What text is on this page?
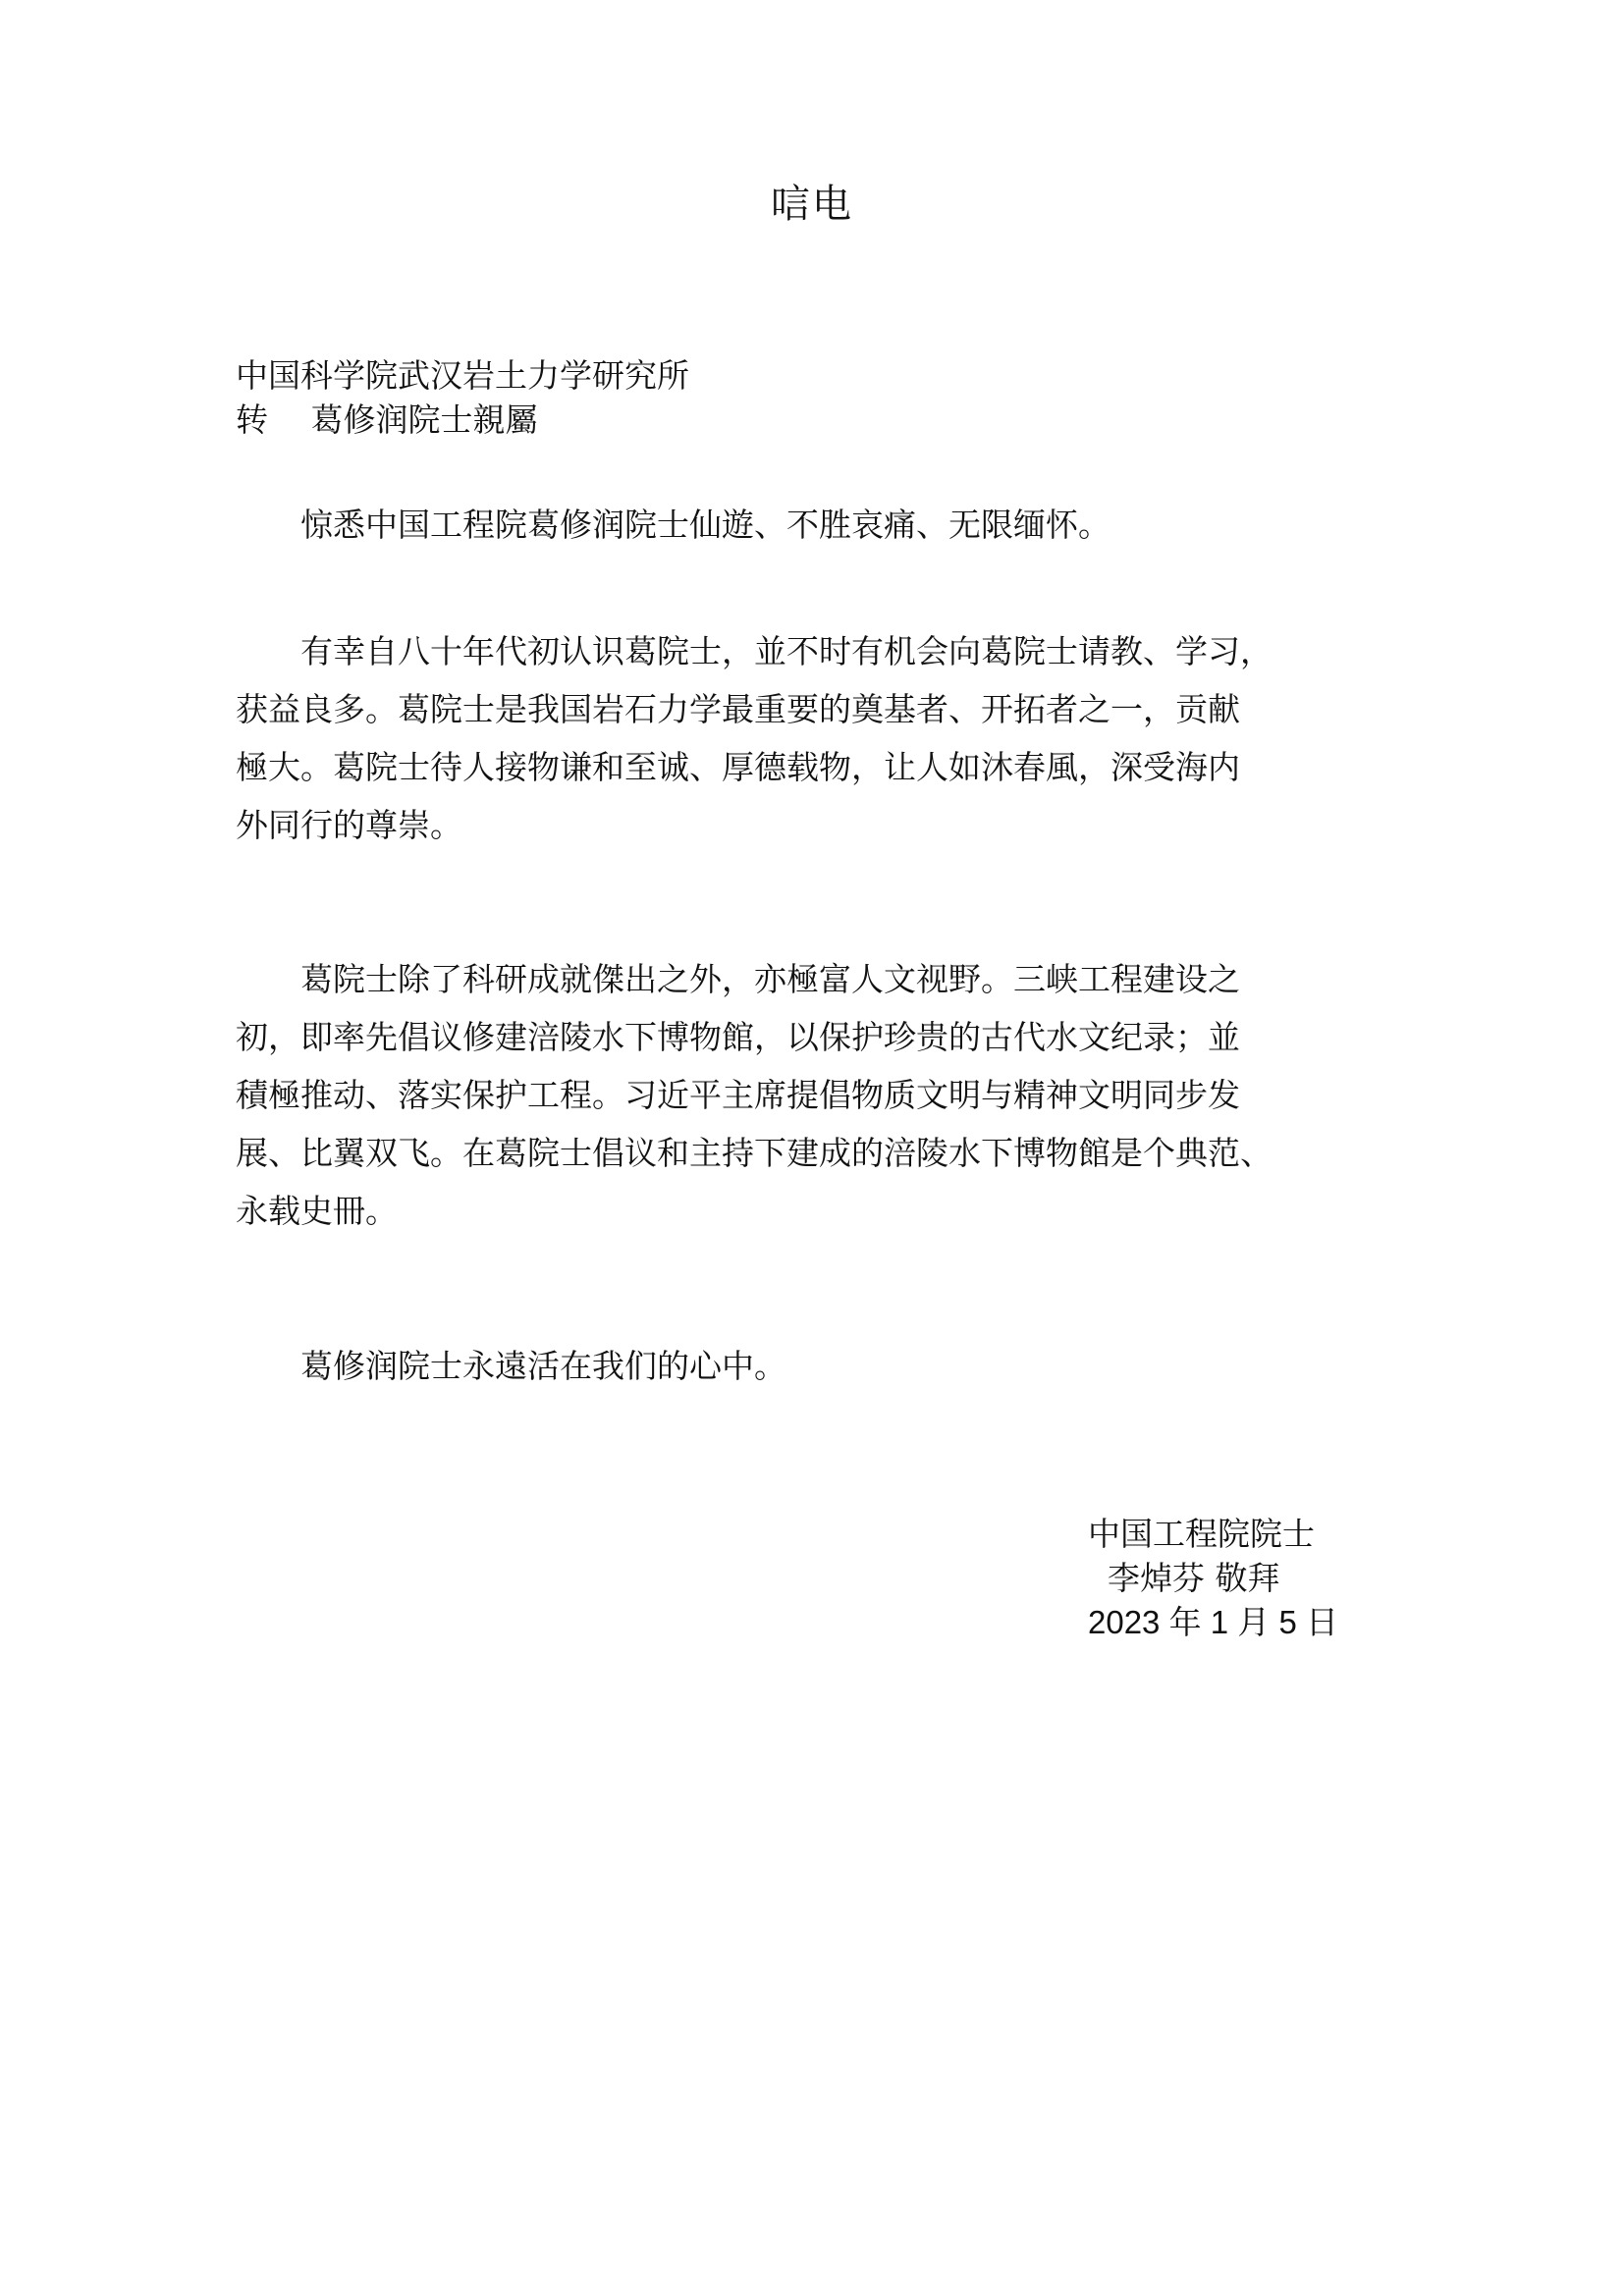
唁电
中国科学院武汉岩土力学研究所
转　 葛修润院士親屬
　　惊悉中国工程院葛修润院士仙遊、不胜哀痛、无限缅怀。
　　有幸自八十年代初认识葛院士，並不时有机会向葛院士请教、学习，
获益良多。葛院士是我国岩石力学最重要的奠基者、开拓者之一，贡献
極大。葛院士待人接物谦和至诚、厚德载物，让人如沐春風，深受海内
外同行的尊崇。
　　葛院士除了科研成就傑出之外，亦極富人文视野。三峡工程建设之
初，即率先倡议修建涪陵水下博物館，以保护珍贵的古代水文纪录；並
積極推动、落实保护工程。习近平主席提倡物质文明与精神文明同步发
展、比翼双飞。在葛院士倡议和主持下建成的涪陵水下博物館是个典范、
永载史冊。
　　葛修润院士永遠活在我们的心中。
中国工程院院士
李焯芬 敬拜
2023 年 1 月 5 日
